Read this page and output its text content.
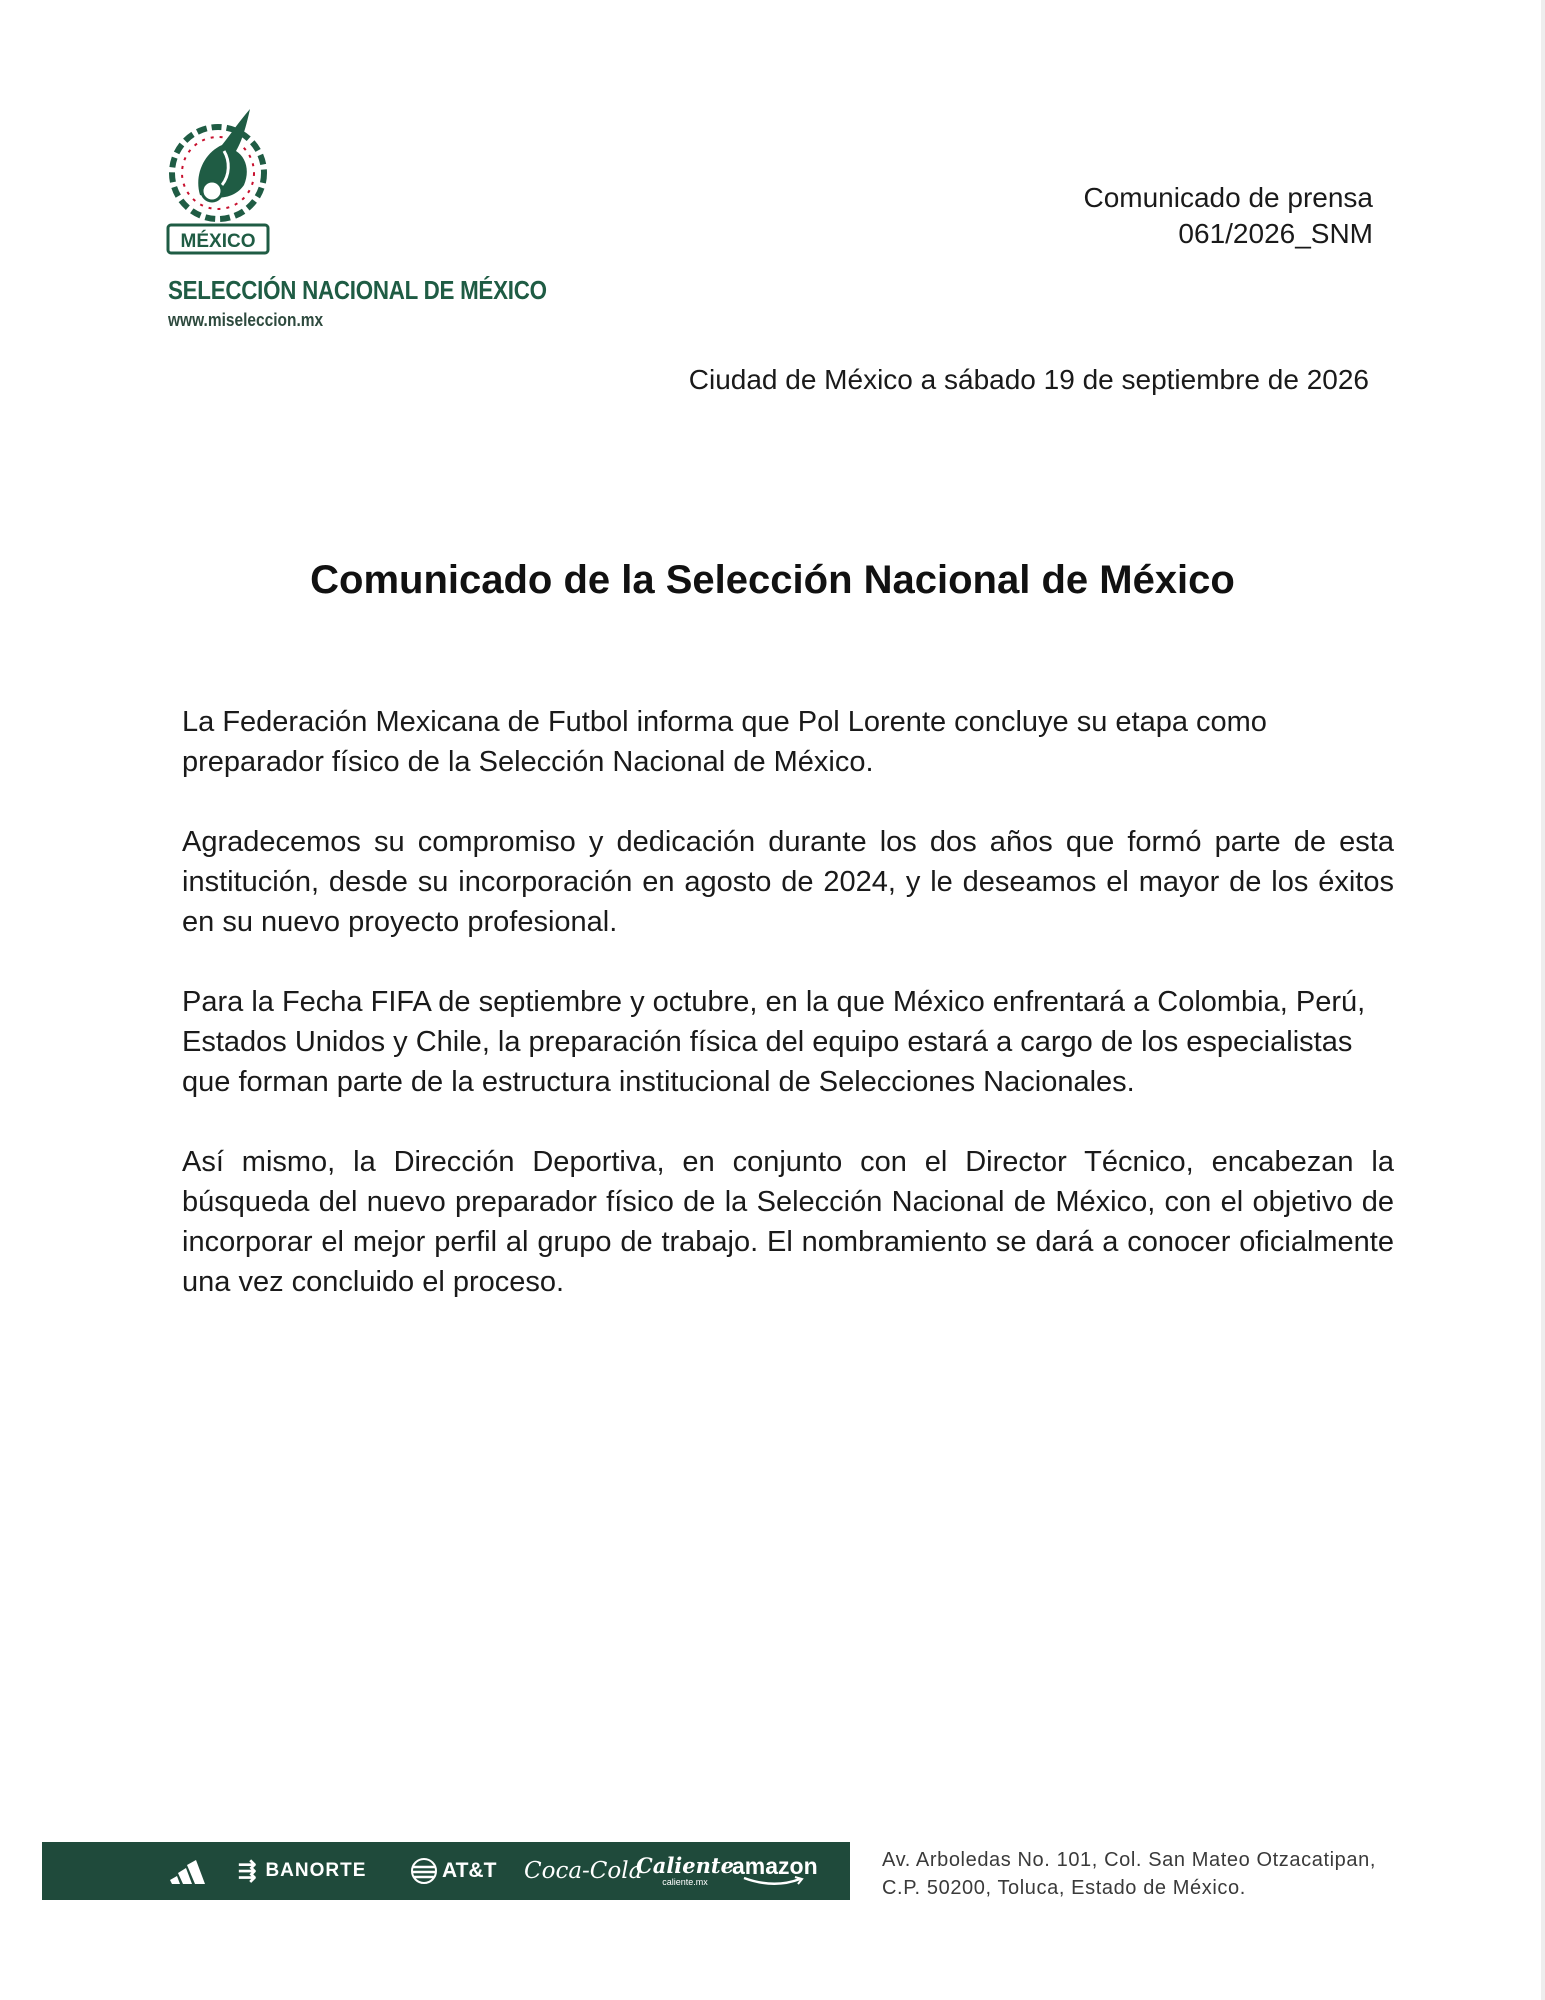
MÉXICO
SELECCIÓN NACIONAL DE MÉXICO
www.miseleccion.mx
Comunicado de prensa
061/2026_SNM
Ciudad de México a sábado 19 de septiembre de 2026
Comunicado de la Selección Nacional de México

La Federación Mexicana de Futbol informa que Pol Lorente concluye su etapa como preparador físico de la Selección Nacional de México.

Agradecemos su compromiso y dedicación durante los dos años que formó parte de esta institución, desde su incorporación en agosto de 2024, y le deseamos el mayor de los éxitos en su nuevo proyecto profesional.

Para la Fecha FIFA de septiembre y octubre, en la que México enfrentará a Colombia, Perú, Estados Unidos y Chile, la preparación física del equipo estará a cargo de los especialistas que forman parte de la estructura institucional de Selecciones Nacionales.

Así mismo, la Dirección Deportiva, en conjunto con el Director Técnico, encabezan la búsqueda del nuevo preparador físico de la Selección Nacional de México, con el objetivo de incorporar el mejor perfil al grupo de trabajo. El nombramiento se dará a conocer oficialmente una vez concluido el proceso.

⇶ BANORTE	AT&T Coca-Cola
Caliente
caliente.mx
amazon	Av. Arboledas No. 101, Col. San Mateo Otzacatipan,
C.P. 50200, Toluca, Estado de México.
